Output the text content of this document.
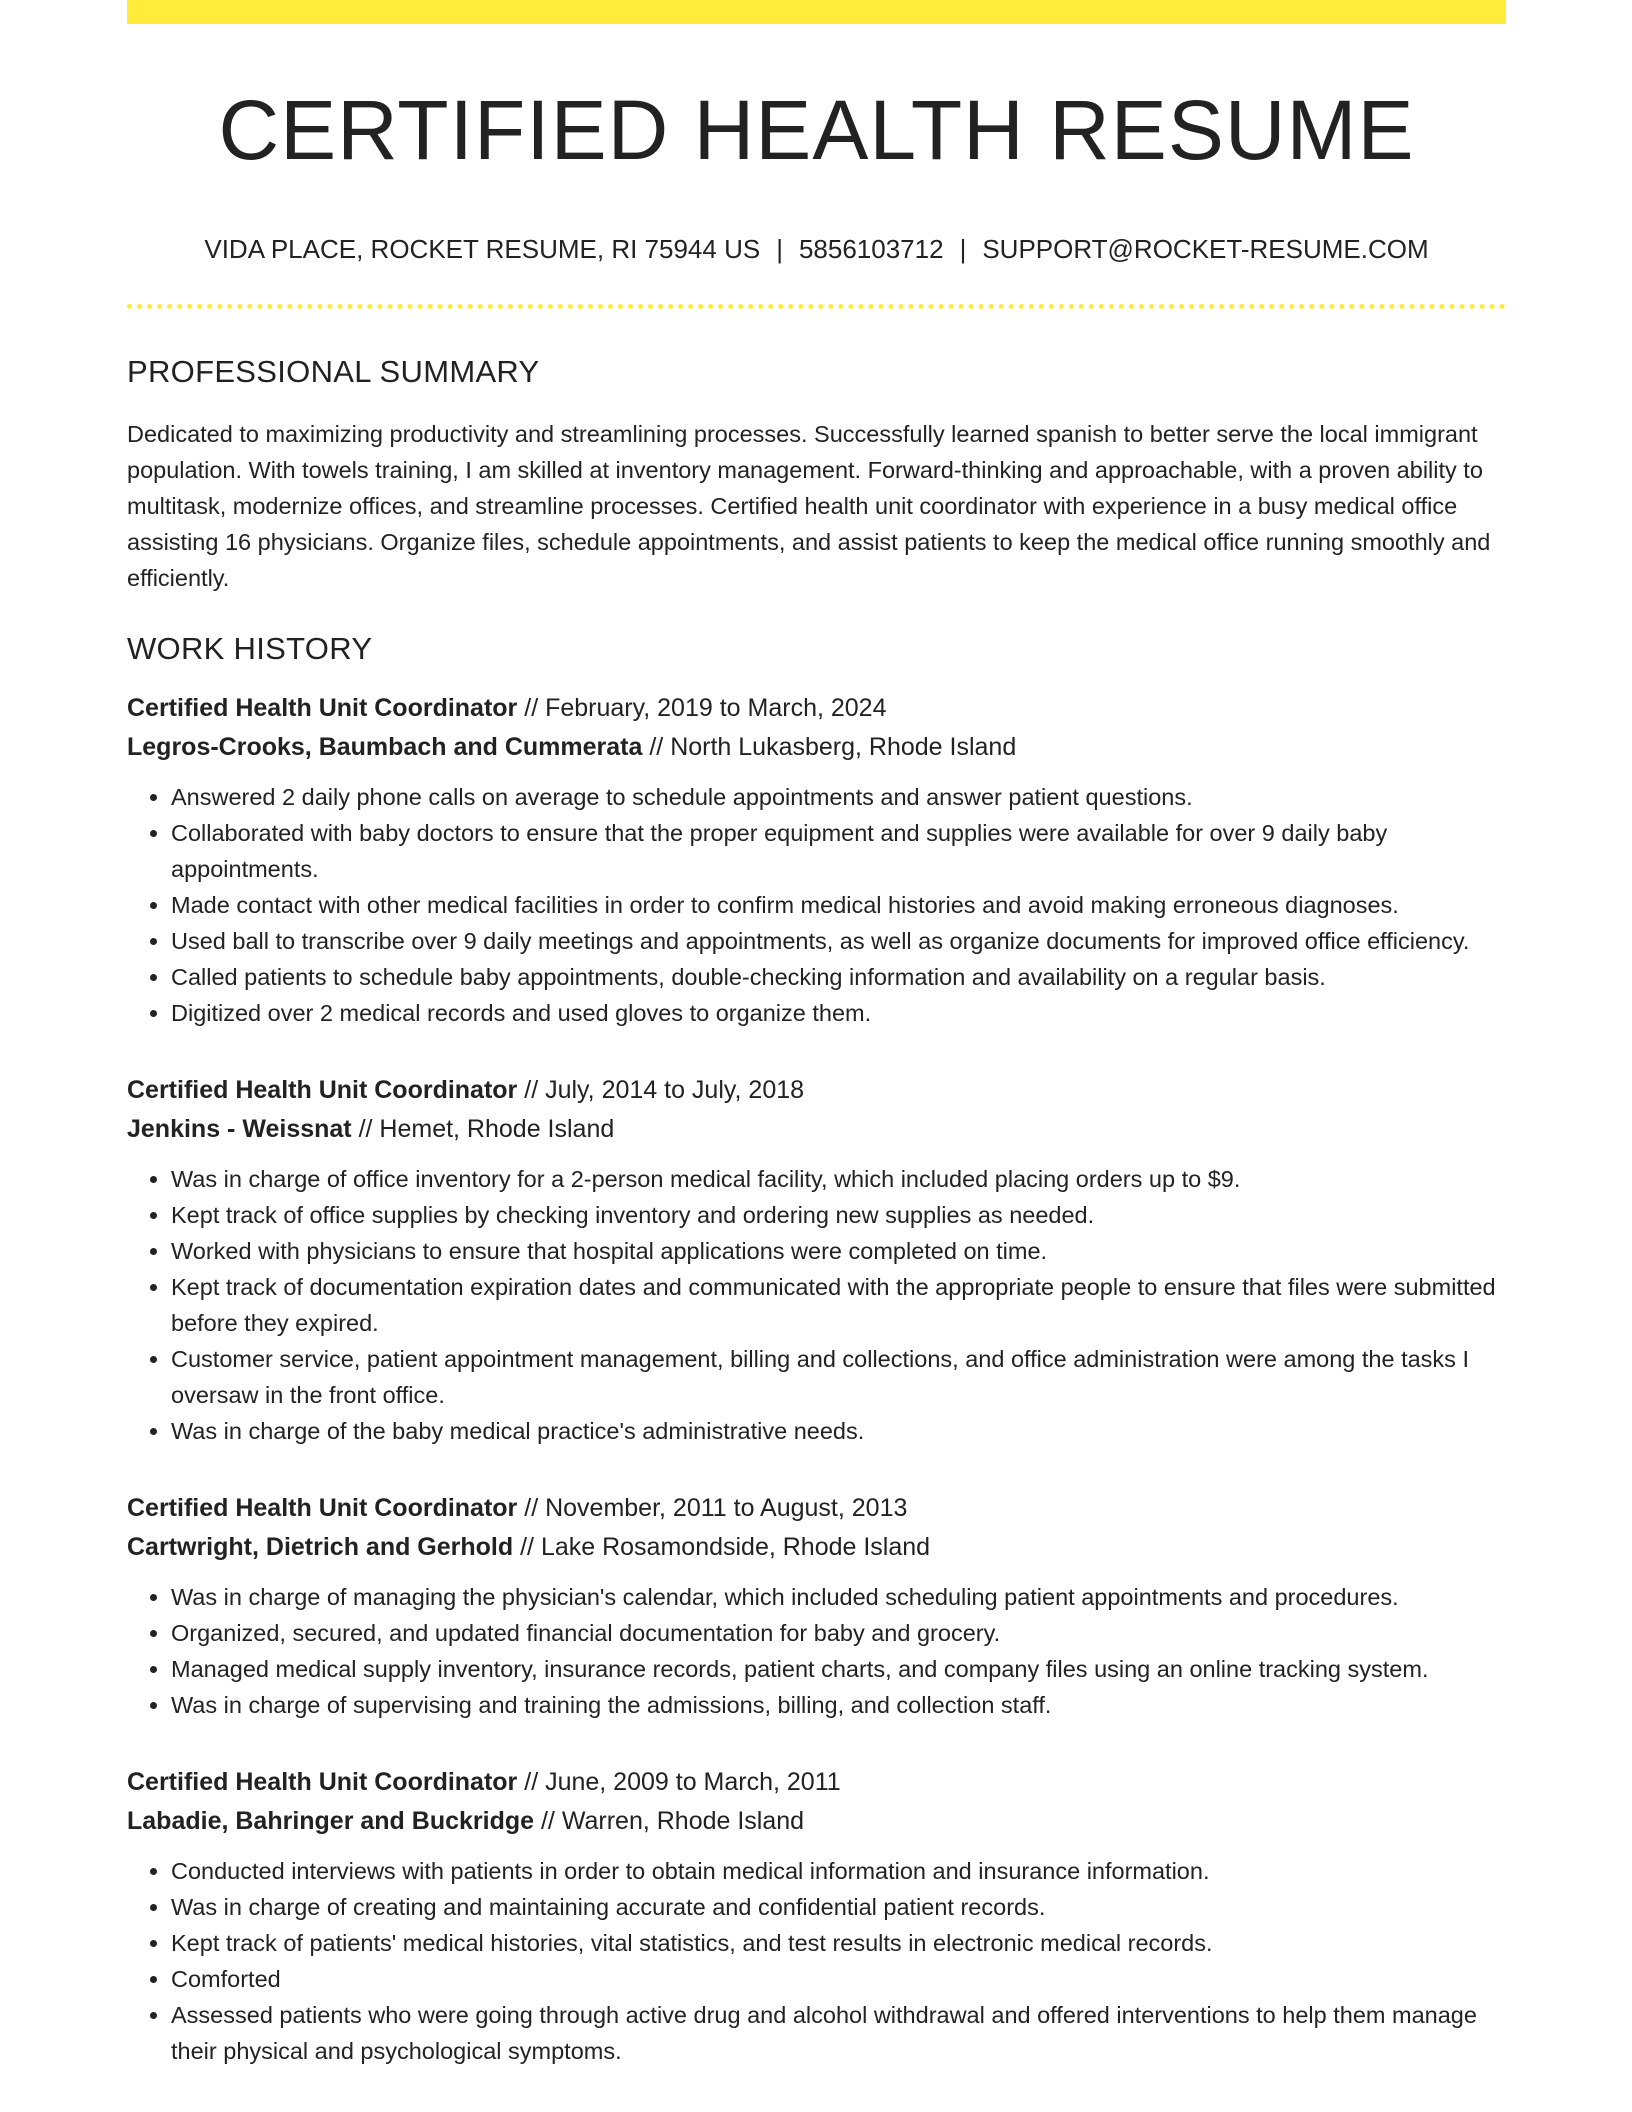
CERTIFIED HEALTH RESUME
VIDA PLACE, ROCKET RESUME, RI 75944 US | 5856103712 | SUPPORT@ROCKET-RESUME.COM
PROFESSIONAL SUMMARY
Dedicated to maximizing productivity and streamlining processes. Successfully learned spanish to better serve the local immigrant population. With towels training, I am skilled at inventory management. Forward-thinking and approachable, with a proven ability to multitask, modernize offices, and streamline processes. Certified health unit coordinator with experience in a busy medical office assisting 16 physicians. Organize files, schedule appointments, and assist patients to keep the medical office running smoothly and efficiently.
WORK HISTORY
Certified Health Unit Coordinator // February, 2019 to March, 2024
Legros-Crooks, Baumbach and Cummerata // North Lukasberg, Rhode Island
• Answered 2 daily phone calls on average to schedule appointments and answer patient questions.
• Collaborated with baby doctors to ensure that the proper equipment and supplies were available for over 9 daily baby appointments.
• Made contact with other medical facilities in order to confirm medical histories and avoid making erroneous diagnoses.
• Used ball to transcribe over 9 daily meetings and appointments, as well as organize documents for improved office efficiency.
• Called patients to schedule baby appointments, double-checking information and availability on a regular basis.
• Digitized over 2 medical records and used gloves to organize them.
Certified Health Unit Coordinator // July, 2014 to July, 2018
Jenkins - Weissnat // Hemet, Rhode Island
• Was in charge of office inventory for a 2-person medical facility, which included placing orders up to $9.
• Kept track of office supplies by checking inventory and ordering new supplies as needed.
• Worked with physicians to ensure that hospital applications were completed on time.
• Kept track of documentation expiration dates and communicated with the appropriate people to ensure that files were submitted before they expired.
• Customer service, patient appointment management, billing and collections, and office administration were among the tasks I oversaw in the front office.
• Was in charge of the baby medical practice's administrative needs.
Certified Health Unit Coordinator // November, 2011 to August, 2013
Cartwright, Dietrich and Gerhold // Lake Rosamondside, Rhode Island
• Was in charge of managing the physician's calendar, which included scheduling patient appointments and procedures.
• Organized, secured, and updated financial documentation for baby and grocery.
• Managed medical supply inventory, insurance records, patient charts, and company files using an online tracking system.
• Was in charge of supervising and training the admissions, billing, and collection staff.
Certified Health Unit Coordinator // June, 2009 to March, 2011
Labadie, Bahringer and Buckridge // Warren, Rhode Island
• Conducted interviews with patients in order to obtain medical information and insurance information.
• Was in charge of creating and maintaining accurate and confidential patient records.
• Kept track of patients' medical histories, vital statistics, and test results in electronic medical records.
• Comforted
• Assessed patients who were going through active drug and alcohol withdrawal and offered interventions to help them manage their physical and psychological symptoms.
